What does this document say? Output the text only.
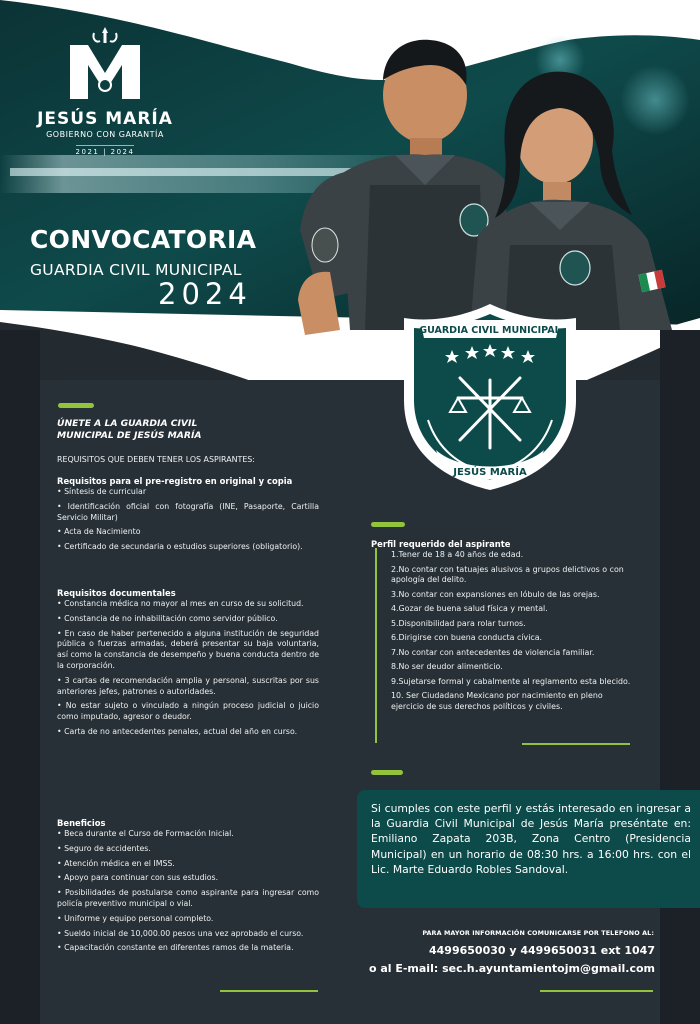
JESÚS MARÍA
GOBIERNO CON GARANTÍA
2021 | 2024
CONVOCATORIA
GUARDIA CIVIL MUNICIPAL
2024
GUARDIA CIVIL MUNICIPAL
JESÚS MARÍA
ÚNETE A LA GUARDIA CIVIL
MUNICIPAL DE JESÚS MARÍA
REQUISITOS QUE DEBEN TENER LOS ASPIRANTES:
Requisitos para el pre-registro en original y copia
• Síntesis de curricular
• Identificación oficial con fotografía (INE, Pasaporte, Cartilla Servicio Militar)
• Acta de Nacimiento
• Certificado de secundaria o estudios superiores (obligatorio).
Requisitos documentales
• Constancia médica no mayor al mes en curso de su solicitud.
• Constancia de no inhabilitación como servidor público.
• En caso de haber pertenecido a alguna institución de seguridad pública o fuerzas armadas, deberá presentar su baja voluntaria, así como la constancia de desempeño y buena conducta dentro de la corporación.
• 3 cartas de recomendación amplia y personal, suscritas por sus anteriores jefes, patrones o autoridades.
• No estar sujeto o vinculado a ningún proceso judicial o juicio como imputado, agresor o deudor.
• Carta de no antecedentes penales, actual del año en curso.
Beneficios
• Beca durante el Curso de Formación Inicial.
• Seguro de accidentes.
• Atención médica en el IMSS.
• Apoyo para continuar con sus estudios.
• Posibilidades de postularse como aspirante para ingresar como policía preventivo municipal o vial.
• Uniforme y equipo personal completo.
• Sueldo inicial de 10,000.00 pesos una vez aprobado el curso.
• Capacitación constante en diferentes ramos de la materia.
Perfil requerido del aspirante
1.Tener de 18 a 40 años de edad.
2.No contar con tatuajes alusivos a grupos delictivos o con apología del delito.
3.No contar con expansiones en lóbulo de las orejas.
4.Gozar de buena salud física y mental.
5.Disponibilidad para rolar turnos.
6.Dirigirse con buena conducta cívica.
7.No contar con antecedentes de violencia familiar.
8.No ser deudor alimenticio.
9.Sujetarse formal y cabalmente al reglamento esta blecido.
10. Ser Ciudadano Mexicano por nacimiento en pleno ejercicio de sus derechos políticos y civiles.
Si cumples con este perfil y estás interesado en ingresar a la Guardia Civil Municipal de Jesús María preséntate en: Emiliano Zapata 203B, Zona Centro (Presidencia Municipal) en un horario de 08:30 hrs. a 16:00 hrs. con el Lic. Marte Eduardo Robles Sandoval.
PARA MAYOR INFORMACIÓN COMUNICARSE POR TELEFONO AL:
4499650030 y 4499650031 ext 1047
o al E-mail: sec.h.ayuntamientojm@gmail.com
